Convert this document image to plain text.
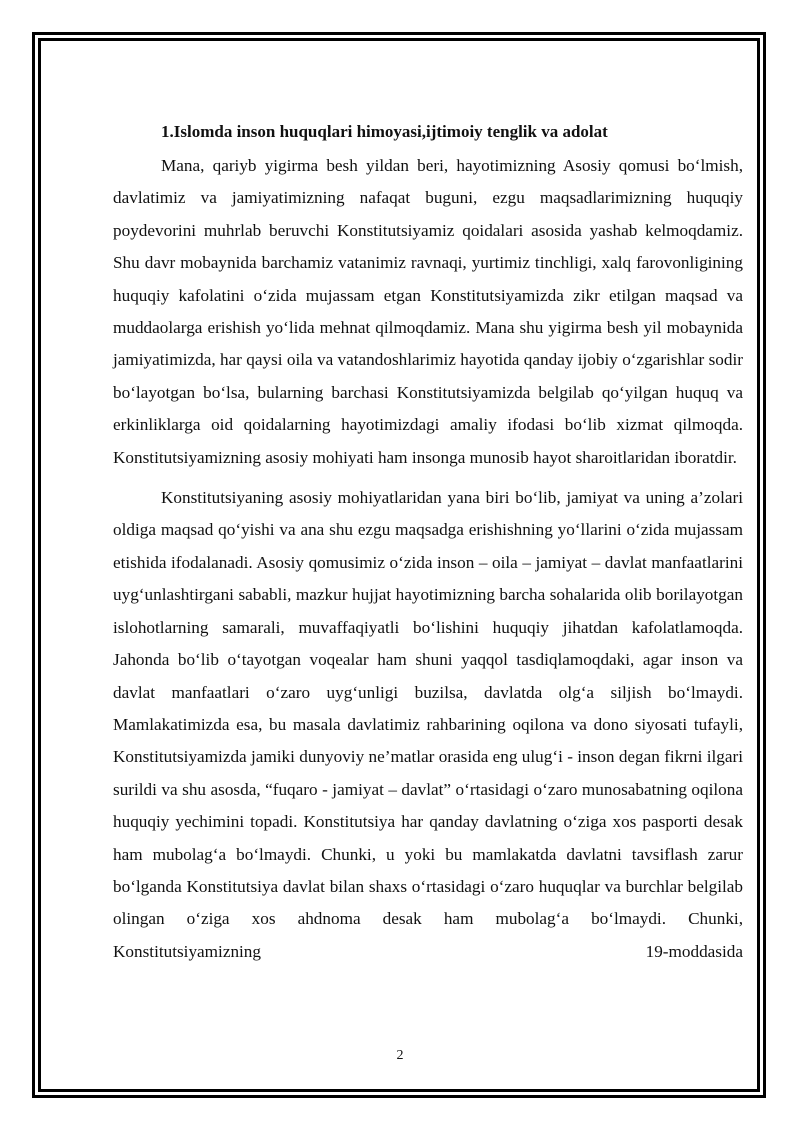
1.Islomda inson huquqlari himoyasi,ijtimoiy tenglik va adolat

Mana, qariyb yigirma besh yildan beri, hayotimizning Asosiy qomusi bo‘lmish, davlatimiz va jamiyatimizning nafaqat buguni, ezgu maqsadlarimizning huquqiy poydevorini muhrlab beruvchi Konstitutsiyamiz qoidalari asosida yashab kelmoqdamiz. Shu davr mobaynida barchamiz vatanimiz ravnaqi, yurtimiz tinchligi, xalq farovonligining huquqiy kafolatini o‘zida mujassam etgan Konstitutsiyamizda zikr etilgan maqsad va muddaolarga erishish yo‘lida mehnat qilmoqdamiz. Mana shu yigirma besh yil mobaynida jamiyatimizda, har qaysi oila va vatandoshlarimiz hayotida qanday ijobiy o‘zgarishlar sodir bo‘layotgan bo‘lsa, bularning barchasi Konstitutsiyamizda belgilab qo‘yilgan huquq va erkinliklarga oid qoidalarning hayotimizdagi amaliy ifodasi bo‘lib xizmat qilmoqda. Konstitutsiyamizning asosiy mohiyati ham insonga munosib hayot sharoitlaridan iboratdir.

Konstitutsiyaning asosiy mohiyatlaridan yana biri bo‘lib, jamiyat va uning a’zolari oldiga maqsad qo‘yishi va ana shu ezgu maqsadga erishishning yo‘llarini o‘zida mujassam etishida ifodalanadi. Asosiy qomusimiz o‘zida inson – oila – jamiyat – davlat manfaatlarini uyg‘unlashtirgani sababli, mazkur hujjat hayotimizning barcha sohalarida olib borilayotgan islohotlarning samarali, muvaffaqiyatli bo‘lishini huquqiy jihatdan kafolatlamoqda. Jahonda bo‘lib o‘tayotgan voqealar ham shuni yaqqol tasdiqlamoqdaki, agar inson va davlat manfaatlari o‘zaro uyg‘unligi buzilsa, davlatda olg‘a siljish bo‘lmaydi. Mamlakatimizda esa, bu masala davlatimiz rahbarining oqilona va dono siyosati tufayli, Konstitutsiyamizda jamiki dunyoviy ne’matlar orasida eng ulug‘i - inson degan fikrni ilgari surildi va shu asosda, “fuqaro - jamiyat – davlat” o‘rtasidagi o‘zaro munosabatning oqilona huquqiy yechimini topadi. Konstitutsiya har qanday davlatning o‘ziga xos pasporti desak ham mubolag‘a bo‘lmaydi. Chunki, u yoki bu mamlakatda davlatni tavsiflash zarur bo‘lganda Konstitutsiya davlat bilan shaxs o‘rtasidagi o‘zaro huquqlar va burchlar belgilab olingan o‘ziga xos ahdnoma desak ham mubolag‘a bo‘lmaydi. Chunki, Konstitutsiyamizning 19-moddasida

2
